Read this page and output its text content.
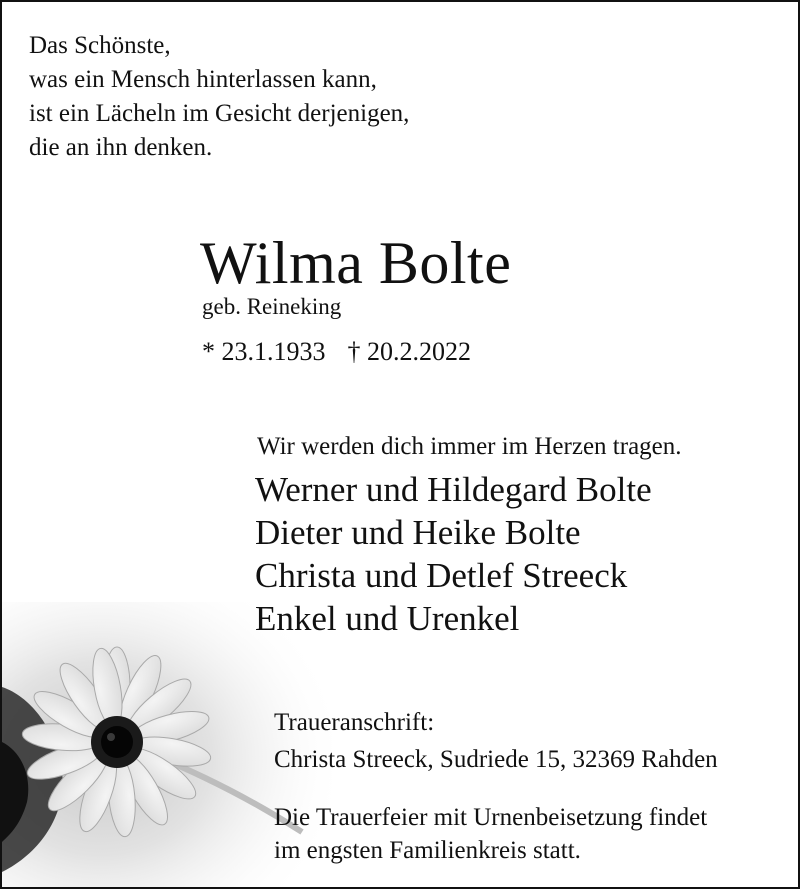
Das Schönste,
was ein Mensch hinterlassen kann,
ist ein Lächeln im Gesicht derjenigen,
die an ihn denken.
Wilma Bolte
geb. Reineking
* 23.1.1933 † 20.2.2022
Wir werden dich immer im Herzen tragen.
Werner und Hildegard Bolte
Dieter und Heike Bolte
Christa und Detlef Streeck
Enkel und Urenkel
Traueranschrift:
Christa Streeck, Sudriede 15, 32369 Rahden
Die Trauerfeier mit Urnenbeisetzung findet
im engsten Familienkreis statt.
